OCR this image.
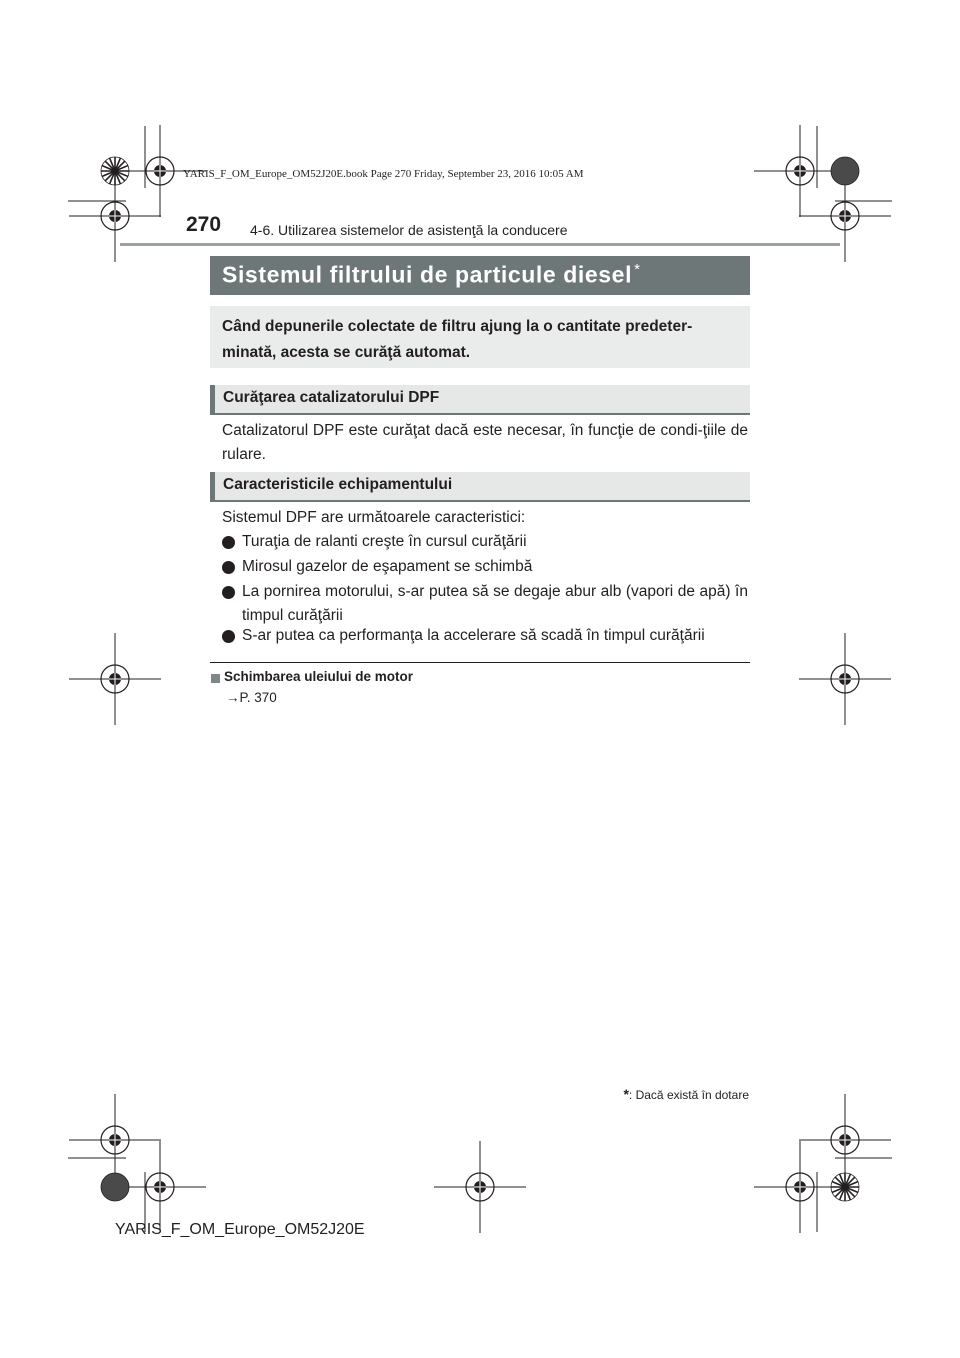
YARIS_F_OM_Europe_OM52J20E.book Page 270 Friday, September 23, 2016 10:05 AM
270 4-6. Utilizarea sistemelor de asistenţă la conducere
Sistemul filtrului de particule diesel *
Când depunerile colectate de filtru ajung la o cantitate predeter-minată, acesta se curăţă automat.
Curăţarea catalizatorului DPF
Catalizatorul DPF este curăţat dacă este necesar, în funcţie de condi-ţiile de rulare.
Caracteristicile echipamentului
Sistemul DPF are următoarele caracteristici:
Turaţia de ralanti creşte în cursul curăţării
Mirosul gazelor de eşapament se schimbă
La pornirea motorului, s-ar putea să se degaje abur alb (vapori de apă) în timpul curăţării
S-ar putea ca performanţa la accelerare să scadă în timpul curăţării
Schimbarea uleiului de motor
→P. 370
*: Dacă există în dotare
YARIS_F_OM_Europe_OM52J20E
